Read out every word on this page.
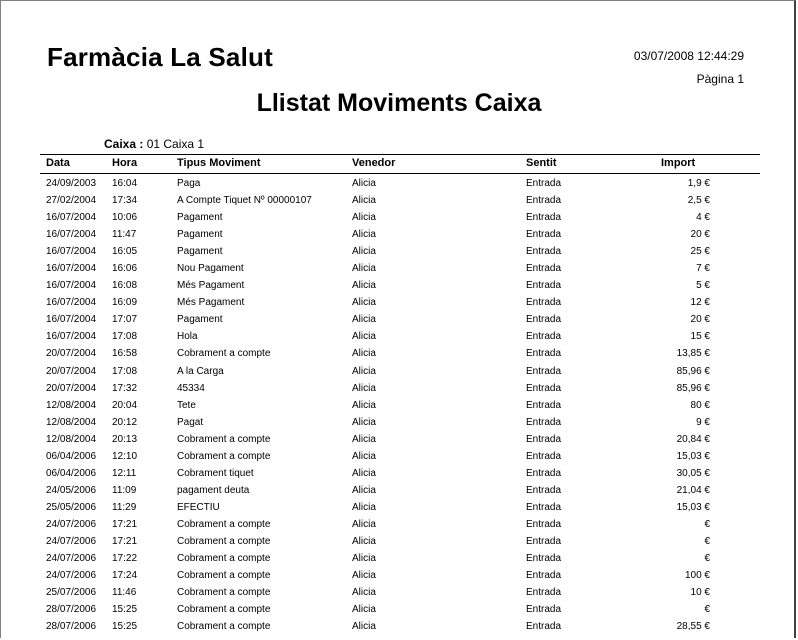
Farmàcia La Salut	03/07/2008 12:44:29
Pàgina 1
Llistat Moviments Caixa
Caixa : 01 Caixa 1
Data	Hora	Tipus Moviment	Venedor	Sentit	Import
24/09/2003 16:04	Paga	Alicia	Entrada	1,9 €
27/02/2004 17:34	A Compte Tiquet Nº 00000107	Alicia	Entrada	2,5 €
16/07/2004 10:06	Pagament	Alicia	Entrada	4 €
16/07/2004 11:47	Pagament	Alicia	Entrada	20 €
16/07/2004 16:05	Pagament	Alicia	Entrada	25 €
16/07/2004 16:06	Nou Pagament	Alicia	Entrada	7 €
16/07/2004 16:08	Més Pagament	Alicia	Entrada	5 €
16/07/2004 16:09	Més Pagament	Alicia	Entrada	12 €
16/07/2004 17:07	Pagament	Alicia	Entrada	20 €
16/07/2004 17:08	Hola	Alicia	Entrada	15 €
20/07/2004 16:58	Cobrament a compte	Alicia	Entrada	13,85 €
20/07/2004 17:08	A la Carga	Alicia	Entrada	85,96 €
20/07/2004 17:32	45334	Alicia	Entrada	85,96 €
12/08/2004 20:04	Tete	Alicia	Entrada	80 €
12/08/2004 20:12	Pagat	Alicia	Entrada	9 €
12/08/2004 20:13	Cobrament a compte	Alicia	Entrada	20,84 €
06/04/2006 12:10	Cobrament a compte	Alicia	Entrada	15,03 €
06/04/2006 12:11	Cobrament tiquet	Alicia	Entrada	30,05 €
24/05/2006 11:09	pagament deuta	Alicia	Entrada	21,04 €
25/05/2006 11:29	EFECTIU	Alicia	Entrada	15,03 €
24/07/2006 17:21	Cobrament a compte	Alicia	Entrada	€
24/07/2006 17:21	Cobrament a compte	Alicia	Entrada	€
24/07/2006 17:22	Cobrament a compte	Alicia	Entrada	€
24/07/2006 17:24	Cobrament a compte	Alicia	Entrada	100 €
25/07/2006 11:46	Cobrament a compte	Alicia	Entrada	10 €
28/07/2006 15:25	Cobrament a compte	Alicia	Entrada	€
28/07/2006 15:25	Cobrament a compte	Alicia	Entrada	28,55 €
